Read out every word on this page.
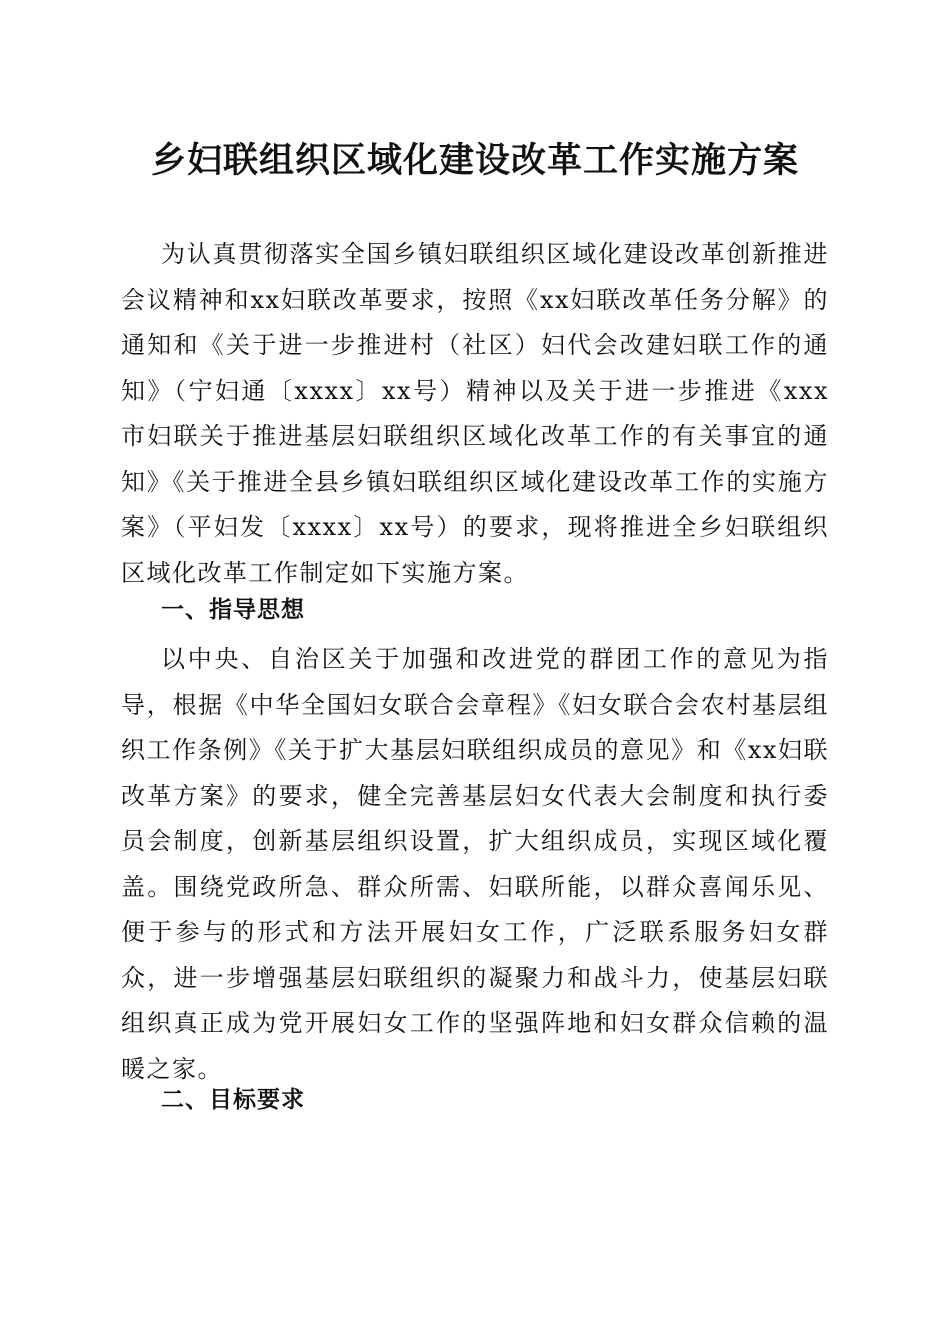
乡妇联组织区域化建设改革工作实施方案

为认真贯彻落实全国乡镇妇联组织区域化建设改革创新推进会议精神和xx妇联改革要求，按照《xx妇联改革任务分解》的通知和《关于进一步推进村（社区）妇代会改建妇联工作的通知》（宁妇通〔xxxx〕xx号）精神以及关于进一步推进《xxx市妇联关于推进基层妇联组织区域化改革工作的有关事宜的通知》《关于推进全县乡镇妇联组织区域化建设改革工作的实施方案》（平妇发〔xxxx〕xx号）的要求，现将推进全乡妇联组织区域化改革工作制定如下实施方案。

一、指导思想

以中央、自治区关于加强和改进党的群团工作的意见为指导，根据《中华全国妇女联合会章程》《妇女联合会农村基层组织工作条例》《关于扩大基层妇联组织成员的意见》和《xx妇联改革方案》的要求，健全完善基层妇女代表大会制度和执行委员会制度，创新基层组织设置，扩大组织成员，实现区域化覆盖。围绕党政所急、群众所需、妇联所能，以群众喜闻乐见、便于参与的形式和方法开展妇女工作，广泛联系服务妇女群众，进一步增强基层妇联组织的凝聚力和战斗力，使基层妇联组织真正成为党开展妇女工作的坚强阵地和妇女群众信赖的温暖之家。

二、目标要求
